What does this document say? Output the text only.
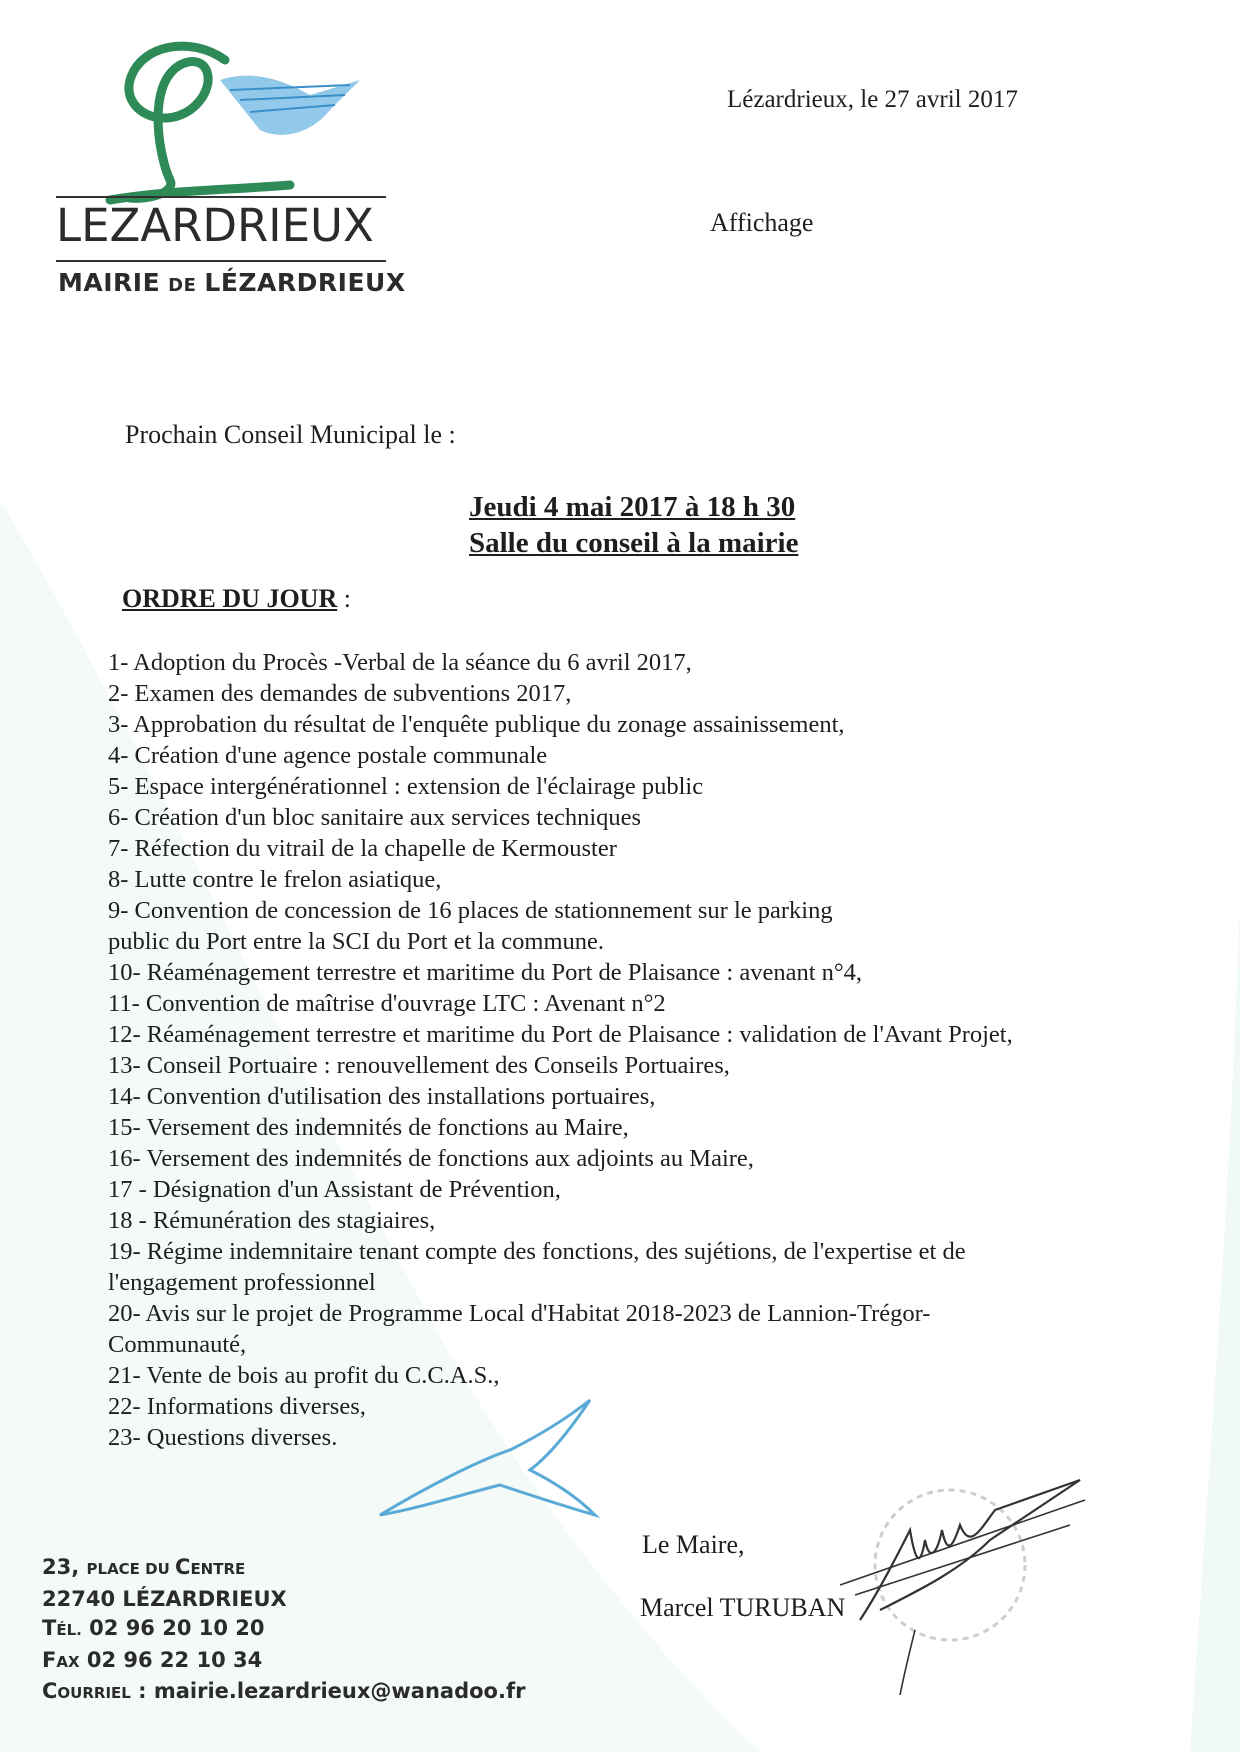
LEZARDRIEUX
MAIRIE DE LÉZARDRIEUX
Lézardrieux, le 27 avril 2017
Affichage
Prochain Conseil Municipal le :
Jeudi 4 mai 2017 à 18 h 30
Salle du conseil à la mairie
ORDRE DU JOUR :
1- Adoption du Procès -Verbal de la séance du 6 avril 2017,
2- Examen des demandes de subventions 2017,
3- Approbation du résultat de l'enquête publique du zonage assainissement,
4- Création d'une agence postale communale
5- Espace intergénérationnel : extension de l'éclairage public
6- Création d'un bloc sanitaire aux services techniques
7- Réfection du vitrail de la chapelle de Kermouster
8- Lutte contre le frelon asiatique,
9- Convention de concession de 16 places de stationnement sur le parking
public du Port entre la SCI du Port et la commune.
10- Réaménagement terrestre et maritime du Port de Plaisance : avenant n°4,
11- Convention de maîtrise d'ouvrage LTC : Avenant n°2
12- Réaménagement terrestre et maritime du Port de Plaisance : validation de l'Avant Projet,
13- Conseil Portuaire : renouvellement des Conseils Portuaires,
14- Convention d'utilisation des installations portuaires,
15- Versement des indemnités de fonctions au Maire,
16- Versement des indemnités de fonctions aux adjoints au Maire,
17 - Désignation d'un Assistant de Prévention,
18 - Rémunération des stagiaires,
19- Régime indemnitaire tenant compte des fonctions, des sujétions, de l'expertise et de
l'engagement professionnel
20- Avis sur le projet de Programme Local d'Habitat 2018-2023 de Lannion-Trégor-
Communauté,
21- Vente de bois au profit du C.C.A.S.,
22- Informations diverses,
23- Questions diverses.
Le Maire,
Marcel TURUBAN
23, PLACE DU CENTRE
22740 LÉZARDRIEUX
TÉL. 02 96 20 10 20
FAX 02 96 22 10 34
COURRIEL : mairie.lezardrieux@wanadoo.fr
